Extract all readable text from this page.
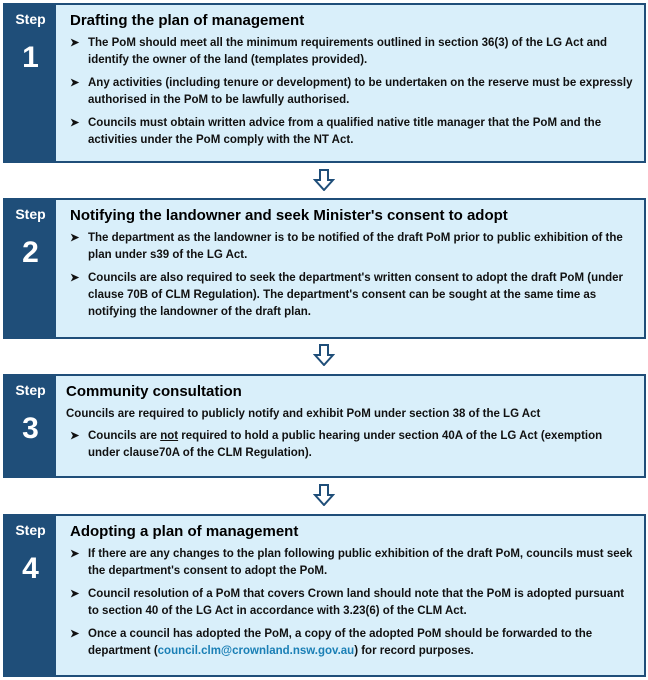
Step
1
Drafting the plan of management
➤ The PoM should meet all the minimum requirements outlined in section 36(3) of the LG Act and identify the owner of the land (templates provided).
➤ Any activities (including tenure or development) to be undertaken on the reserve must be expressly authorised in the PoM to be lawfully authorised.
➤ Councils must obtain written advice from a qualified native title manager that the PoM and the activities under the PoM comply with the NT Act.
Step
2
Notifying the landowner and seek Minister's consent to adopt
➤ The department as the landowner is to be notified of the draft PoM prior to public exhibition of the plan under s39 of the LG Act.
➤ Councils are also required to seek the department's written consent to adopt the draft PoM (under clause 70B of CLM Regulation). The department's consent can be sought at the same time as notifying the landowner of the draft plan.
Step
3
Community consultation
Councils are required to publicly notify and exhibit PoM under section 38 of the LG Act
➤ Councils are not required to hold a public hearing under section 40A of the LG Act (exemption under clause70A of the CLM Regulation).
Step
4
Adopting a plan of management
➤ If there are any changes to the plan following public exhibition of the draft PoM, councils must seek the department's consent to adopt the PoM.
➤ Council resolution of a PoM that covers Crown land should note that the PoM is adopted pursuant to section 40 of the LG Act in accordance with 3.23(6) of the CLM Act.
➤ Once a council has adopted the PoM, a copy of the adopted PoM should be forwarded to the department (council.clm@crownland.nsw.gov.au) for record purposes.
